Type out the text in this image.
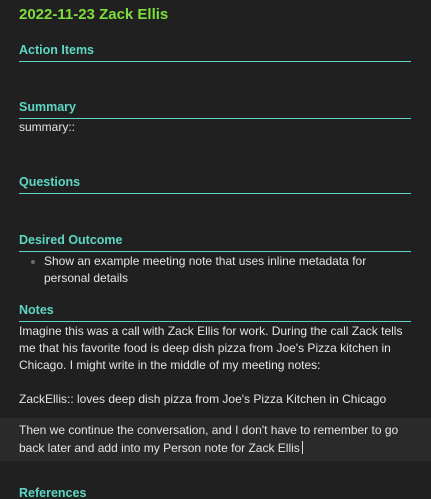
2022-11-23 Zack Ellis
Action Items
Summary

summary::

Questions
Desired Outcome
Show an example meeting note that uses inline metadata for personal details
Notes

Imagine this was a call with Zack Ellis for work. During the call Zack tells me that his favorite food is deep dish pizza from Joe's Pizza kitchen in Chicago. I might write in the middle of my meeting notes:

ZackEllis:: loves deep dish pizza from Joe's Pizza Kitchen in Chicago

Then we continue the conversation, and I don't have to remember to go back later and add into my Person note for Zack Ellis
References
